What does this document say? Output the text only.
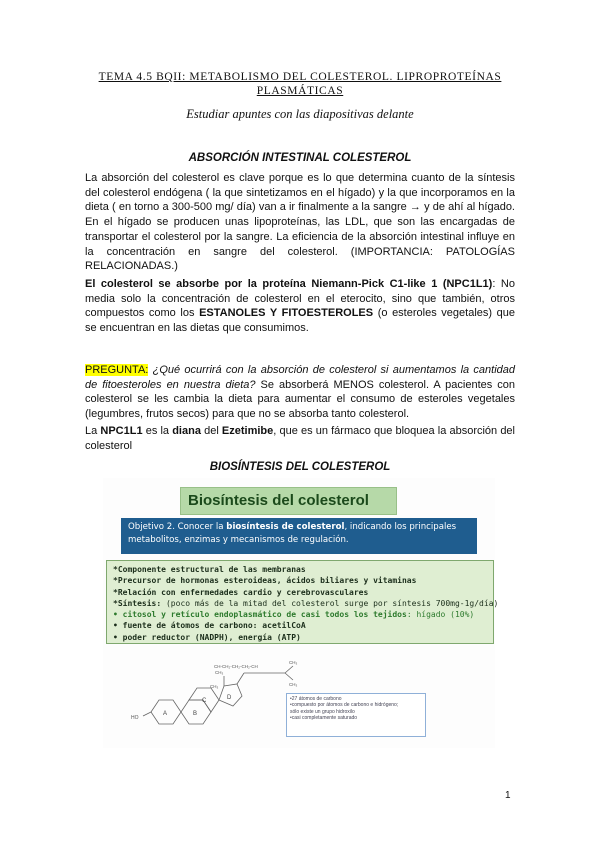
TEMA 4.5 BQII: METABOLISMO DEL COLESTEROL. LIPROPROTEÍNAS PLASMÁTICAS
Estudiar apuntes con las diapositivas delante
ABSORCIÓN INTESTINAL COLESTEROL

La absorción del colesterol es clave porque es lo que determina cuanto de la síntesis del colesterol endógena ( la que sintetizamos en el hígado) y la que incorporamos en la dieta ( en torno a 300-500 mg/ día) van a ir finalmente a la sangre → y de ahí al hígado. En el hígado se producen unas lipoproteínas, las LDL, que son las encargadas de transportar el colesterol por la sangre. La eficiencia de la absorción intestinal influye en la concentración en sangre del colesterol. (IMPORTANCIA: PATOLOGÍAS RELACIONADAS.)

El colesterol se absorbe por la proteína Niemann-Pick C1-like 1 (NPC1L1): No media solo la concentración de colesterol en el eterocito, sino que también, otros compuestos como los ESTANOLES Y FITOESTEROLES (o esteroles vegetales) que se encuentran en las dietas que consumimos.

PREGUNTA: ¿Qué ocurrirá con la absorción de colesterol si aumentamos la cantidad de fitoesteroles en nuestra dieta? Se absorberá MENOS colesterol. A pacientes con colesterol se les cambia la dieta para aumentar el consumo de esteroles vegetales (legumbres, frutos secos) para que no se absorba tanto colesterol.

La NPC1L1 es la diana del Ezetimibe, que es un fármaco que bloquea la absorción del colesterol

BIOSÍNTESIS DEL COLESTEROL
Biosíntesis del colesterol
Objetivo 2. Conocer la biosíntesis de colesterol, indicando los principales metabolitos, enzimas y mecanismos de regulación.
*Componente estructural de las membranas
*Precursor de hormonas esteroideas, ácidos biliares y vitaminas
*Relación con enfermedades cardio y cerebrovasculares
*Síntesis: (poco más de la mitad del colesterol surge por síntesis 700mg-1g/día)
• citosol y retículo endoplasmático de casi todos los tejidos: hígado (10%)
• fuente de átomos de carbono: acetilCoA
• poder reductor (NADPH), energía (ATP)
A	B
C	D
CH₃
CH₃
CH-CH₂-CH₂-CH₂-CH
CH₃
CH₃
HO
•27 átomos de carbono
•compuesto por átomos de carbono e hidrógeno;
sólo existe un grupo hidroxilo
•casi completamente saturado
1
